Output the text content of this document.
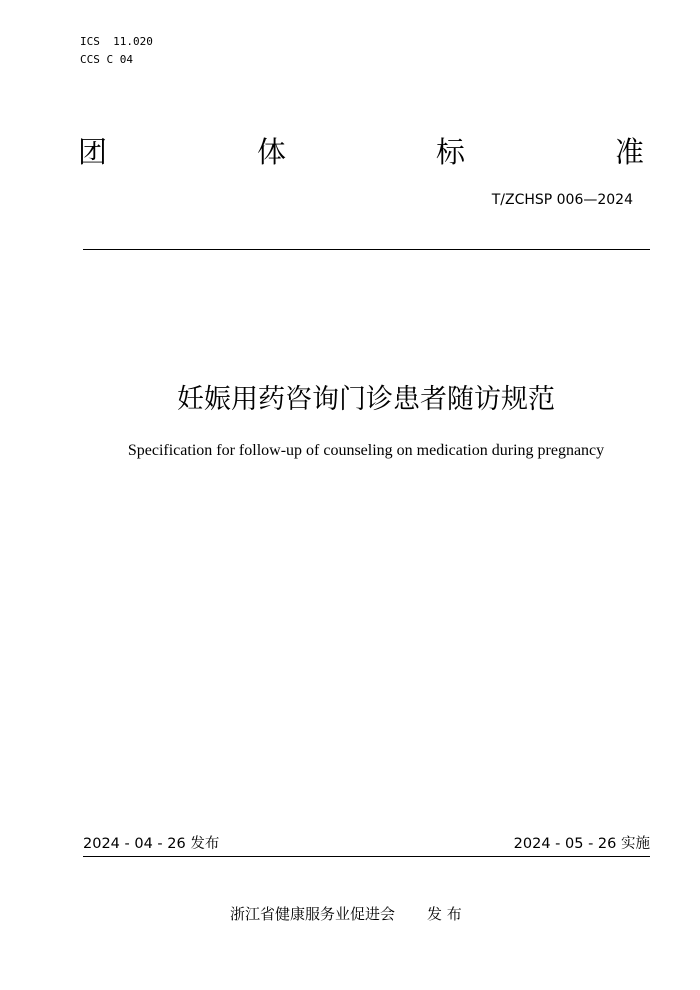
ICS  11.020
CCS C 04
团	体	标	准
T/ZCHSP 006—2024
妊娠用药咨询门诊患者随访规范
Specification for follow-up of counseling on medication during pregnancy
2024 - 04 - 26 发布	2024 - 05 - 26 实施
浙江省健康服务业促进会 发 布
